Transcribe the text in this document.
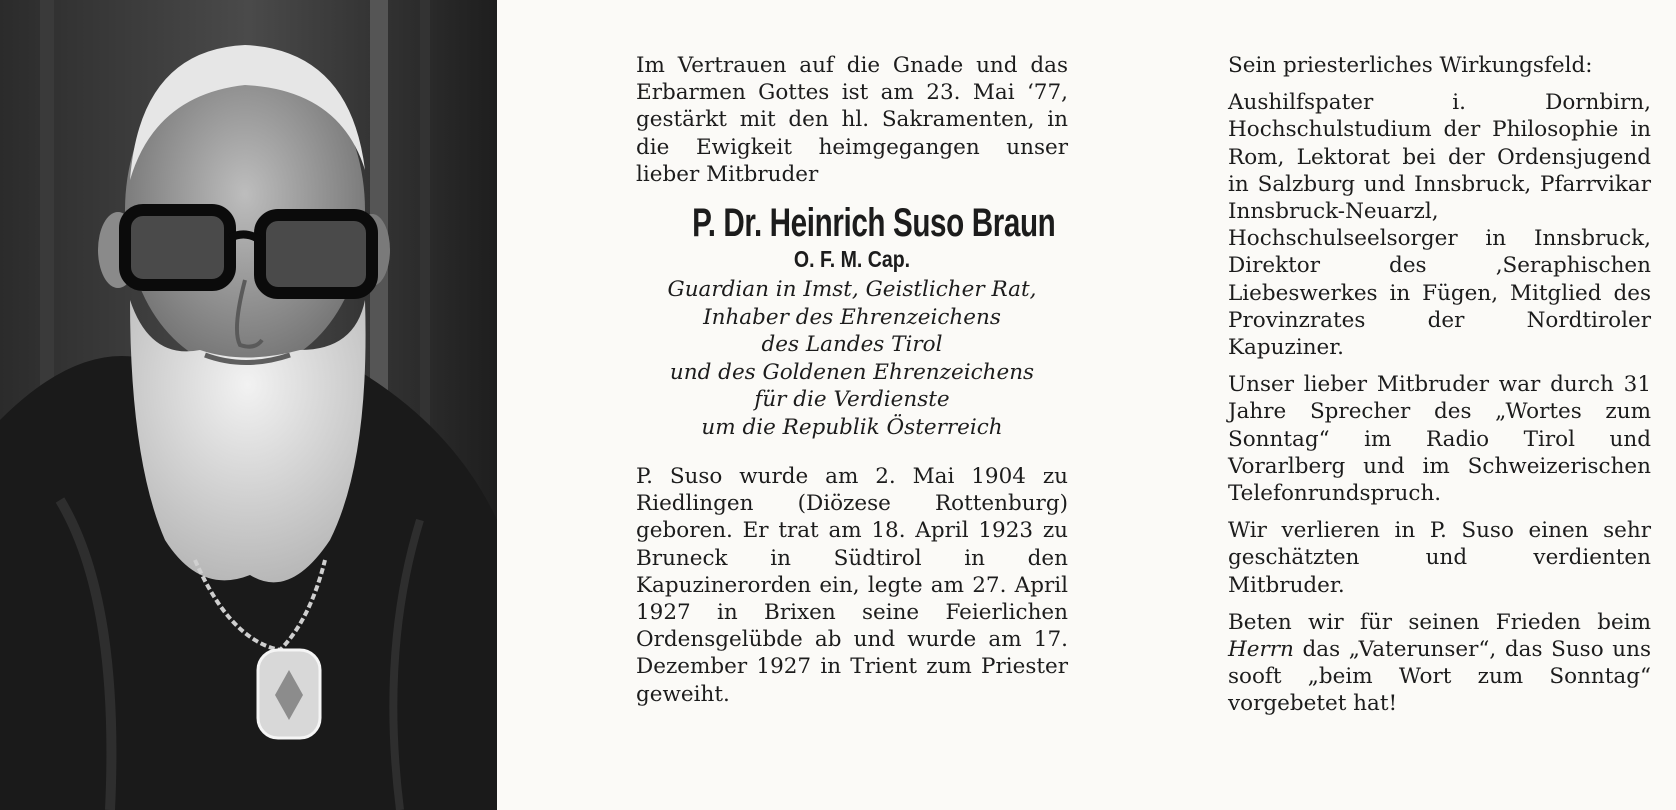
Im Vertrauen auf die Gnade und das Erbarmen Gottes ist am 23. Mai ‘77, gestärkt mit den hl. Sakramenten, in die Ewigkeit heimgegangen unser lieber Mitbruder

P. Dr. Heinrich Suso Braun

O. F. M. Cap.

Guardian in Imst, Geistlicher Rat,
Inhaber des Ehrenzeichens
des Landes Tirol
und des Goldenen Ehrenzeichens
für die Verdienste
um die Republik Österreich

P. Suso wurde am 2. Mai 1904 zu Riedlingen (Diözese Rottenburg) geboren. Er trat am 18. April 1923 zu Bruneck in Südtirol in den Kapuzinerorden ein, legte am 27. April 1927 in Brixen seine Feierlichen Ordensgelübde ab und wurde am 17. Dezember 1927 in Trient zum Priester geweiht.

Sein priesterliches Wirkungsfeld:

Aushilfspater i. Dornbirn, Hochschulstudium der Philosophie in Rom, Lektorat bei der Ordensjugend in Salzburg und Innsbruck, Pfarrvikar Innsbruck-Neuarzl, Hochschulseelsorger in Innsbruck, Direktor des ‚Seraphischen Liebeswerkes in Fügen, Mitglied des Provinzrates der Nordtiroler Kapuziner.

Unser lieber Mitbruder war durch 31 Jahre Sprecher des „Wortes zum Sonntag“ im Radio Tirol und Vorarlberg und im Schweizerischen Telefonrundspruch.

Wir verlieren in P. Suso einen sehr geschätzten und verdienten Mitbruder.

Beten wir für seinen Frieden beim Herrn das „Vaterunser“, das Suso uns sooft „beim Wort zum Sonntag“ vorgebetet hat!
